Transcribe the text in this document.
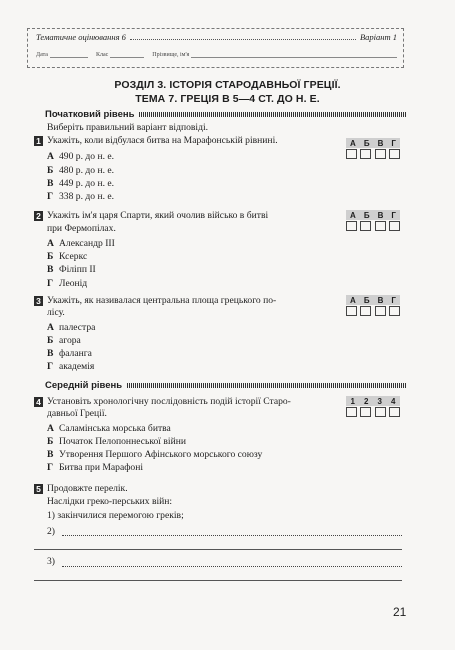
Тематичне оцінювання 6	Варіант 1
Дата	Клас	Прізвище, ім'я
РОЗДІЛ 3. ІСТОРІЯ СТАРОДАВНЬОЇ ГРЕЦІЇ.
ТЕМА 7. ГРЕЦІЯ В 5—4 СТ. ДО Н. Е.
Початковий рівень
Виберіть правильний варіант відповіді.
1 Укажіть, коли відбулася битва на Марафонській рівнині.
А 490 р. до н. е.
Б 480 р. до н. е.
В 449 р. до н. е.
Г 338 р. до н. е.
А Б В Г
2 Укажіть ім'я царя Спарти, який очолив військо в битві
при Фермопілах.
А Александр ІІІ
Б Ксеркс
В Філіпп ІІ
Г Леонід
А Б В Г
3 Укажіть, як називалася центральна площа грецького по-
лісу.
А палестра
Б агора
В фаланга
Г академія
А Б В Г
Середній рівень
4 Установіть хронологічну послідовність подій історії Старо-
давньої Греції.
А Саламінська морська битва
Б Початок Пелопоннеської війни
В Утворення Першого Афінського морського союзу
Г Битва при Марафоні
1 2 3 4
5 Продовжте перелік.
Наслідки греко-перських війн:
1) закінчилися перемогою греків;
2)
3)
21
